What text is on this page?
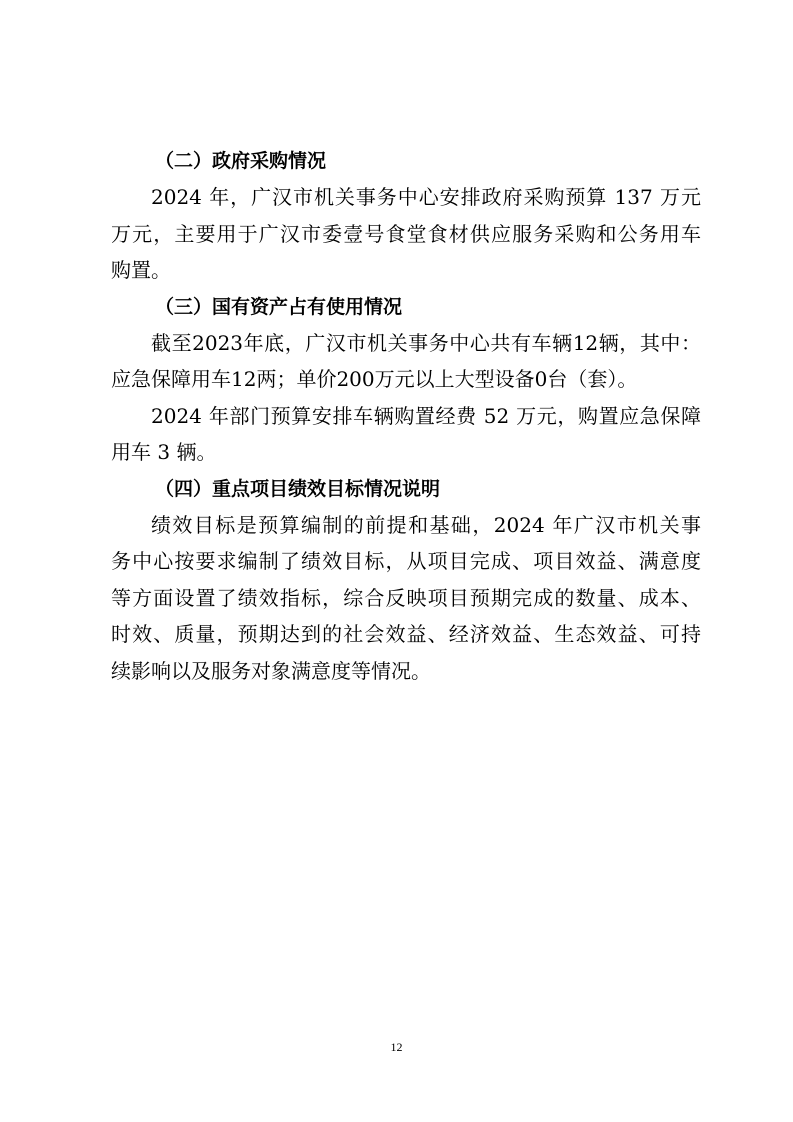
（二）政府采购情况
2024 年，广汉市机关事务中心安排政府采购预算 137 万元
万元，主要用于广汉市委壹号食堂食材供应服务采购和公务用车
购置。
（三）国有资产占有使用情况
截至2023年底，广汉市机关事务中心共有车辆12辆，其中：
应急保障用车12两；单价200万元以上大型设备0台（套）。
2024 年部门预算安排车辆购置经费 52 万元，购置应急保障
用车 3 辆。
（四）重点项目绩效目标情况说明
绩效目标是预算编制的前提和基础，2024 年广汉市机关事
务中心按要求编制了绩效目标，从项目完成、项目效益、满意度
等方面设置了绩效指标，综合反映项目预期完成的数量、成本、
时效、质量，预期达到的社会效益、经济效益、生态效益、可持
续影响以及服务对象满意度等情况。
12
